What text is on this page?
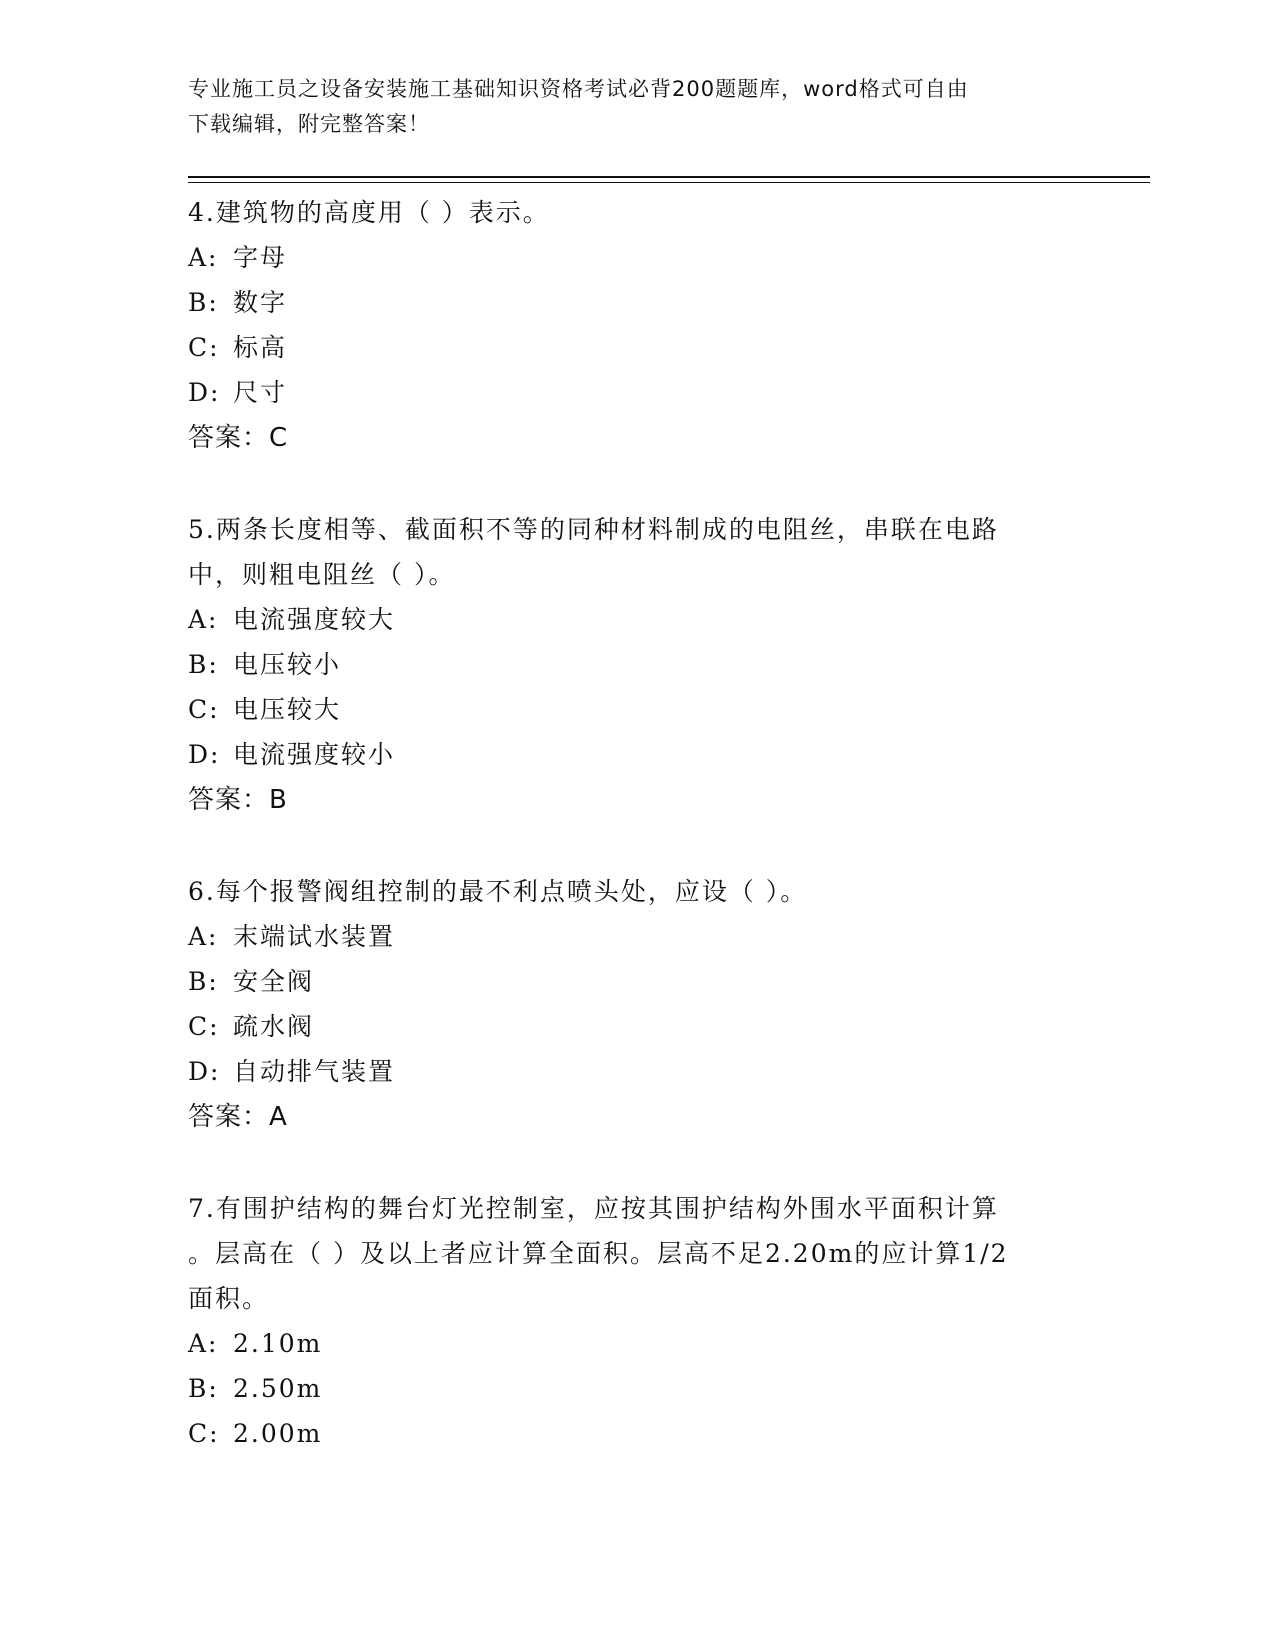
专业施工员之设备安装施工基础知识资格考试必背200题题库，word格式可自由
下载编辑，附完整答案！
4.建筑物的高度用（ ）表示。
A: 字母
B: 数字
C: 标高
D: 尺寸
答案：C
5.两条长度相等、截面积不等的同种材料制成的电阻丝，串联在电路
中，则粗电阻丝（ ）。
A: 电流强度较大
B: 电压较小
C: 电压较大
D: 电流强度较小
答案：B
6.每个报警阀组控制的最不利点喷头处，应设（ ）。
A: 末端试水装置
B: 安全阀
C: 疏水阀
D: 自动排气装置
答案：A
7.有围护结构的舞台灯光控制室，应按其围护结构外围水平面积计算
。层高在（ ）及以上者应计算全面积。层高不足2.20m的应计算1/2
面积。
A: 2.10m
B: 2.50m
C: 2.00m
